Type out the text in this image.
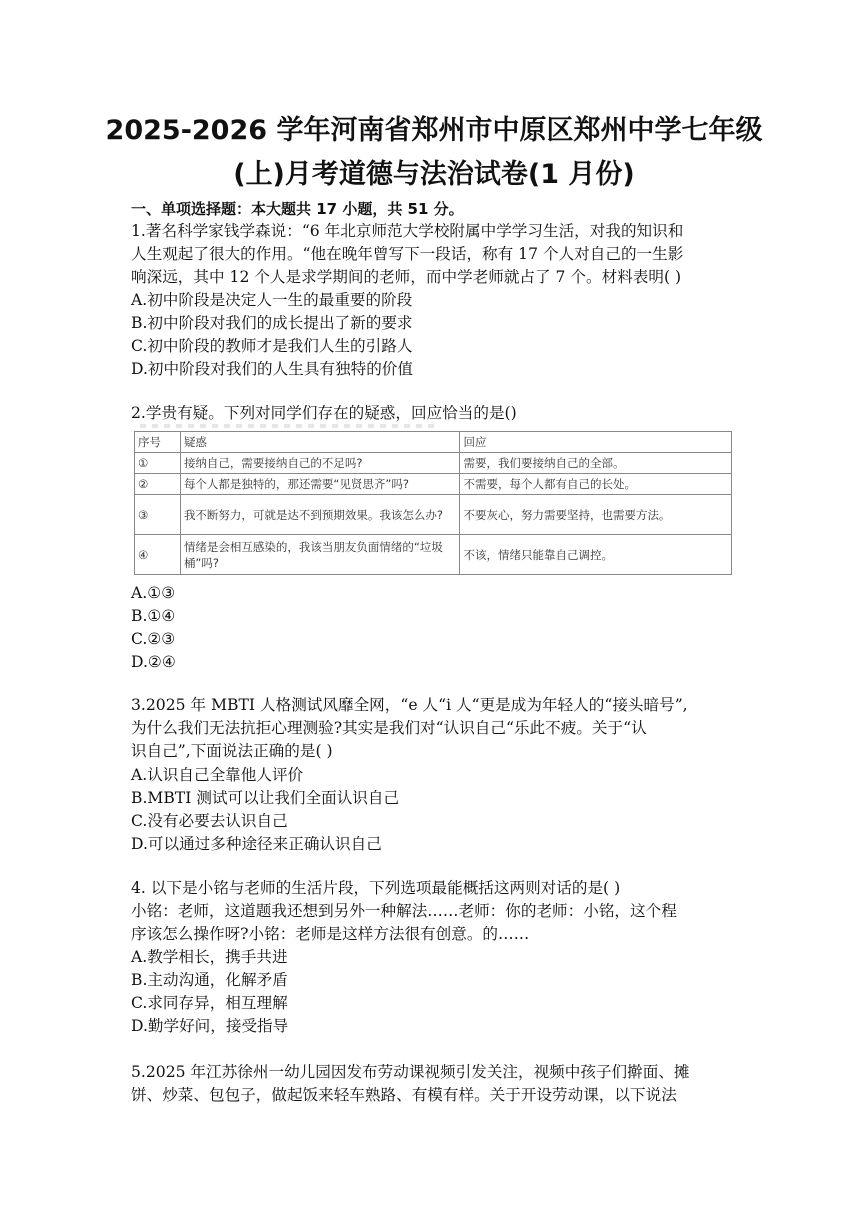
2025-2026 学年河南省郑州市中原区郑州中学七年级
(上)月考道德与法治试卷(1 月份)
一、单项选择题：本大题共 17 小题，共 51 分。
1.著名科学家钱学森说：“6 年北京师范大学校附属中学学习生活，对我的知识和
人生观起了很大的作用。“他在晚年曾写下一段话，称有 17 个人对自己的一生影
响深远，其中 12 个人是求学期间的老师，而中学老师就占了 7 个。材料表明( )
A.初中阶段是决定人一生的最重要的阶段
B.初中阶段对我们的成长提出了新的要求
C.初中阶段的教师才是我们人生的引路人
D.初中阶段对我们的人生具有独特的价值
2.学贵有疑。下列对同学们存在的疑惑，回应恰当的是()
序号	疑惑	回应
①	接纳自己，需要接纳自己的不足吗?	需要，我们要接纳自己的全部。
②	每个人都是独特的，那还需要“见贤思齐”吗?	不需要，每个人都有自己的长处。
③	我不断努力，可就是达不到预期效果。我该怎么办?	不要灰心，努力需要坚持，也需要方法。
④	情绪是会相互感染的，我该当朋友负面情绪的“垃圾桶”吗?	不该，情绪只能靠自己调控。
A.①③
B.①④
C.②③
D.②④
3.2025 年 MBTI 人格测试风靡全网，“e 人“i 人“更是成为年轻人的“接头暗号”,
为什么我们无法抗拒心理测验?其实是我们对“认识自己“乐此不疲。关于“认
识自己”,下面说法正确的是( )
A.认识自己全靠他人评价
B.MBTI 测试可以让我们全面认识自己
C.没有必要去认识自己
D.可以通过多种途径来正确认识自己
4. 以下是小铭与老师的生活片段，下列选项最能概括这两则对话的是( )
小铭：老师，这道题我还想到另外一种解法……老师：你的老师：小铭，这个程
序该怎么操作呀?小铭：老师是这样方法很有创意。的……
A.教学相长，携手共进
B.主动沟通，化解矛盾
C.求同存异，相互理解
D.勤学好问，接受指导
5.2025 年江苏徐州一幼儿园因发布劳动课视频引发关注，视频中孩子们擀面、摊
饼、炒菜、包包子，做起饭来轻车熟路、有模有样。关于开设劳动课，以下说法
